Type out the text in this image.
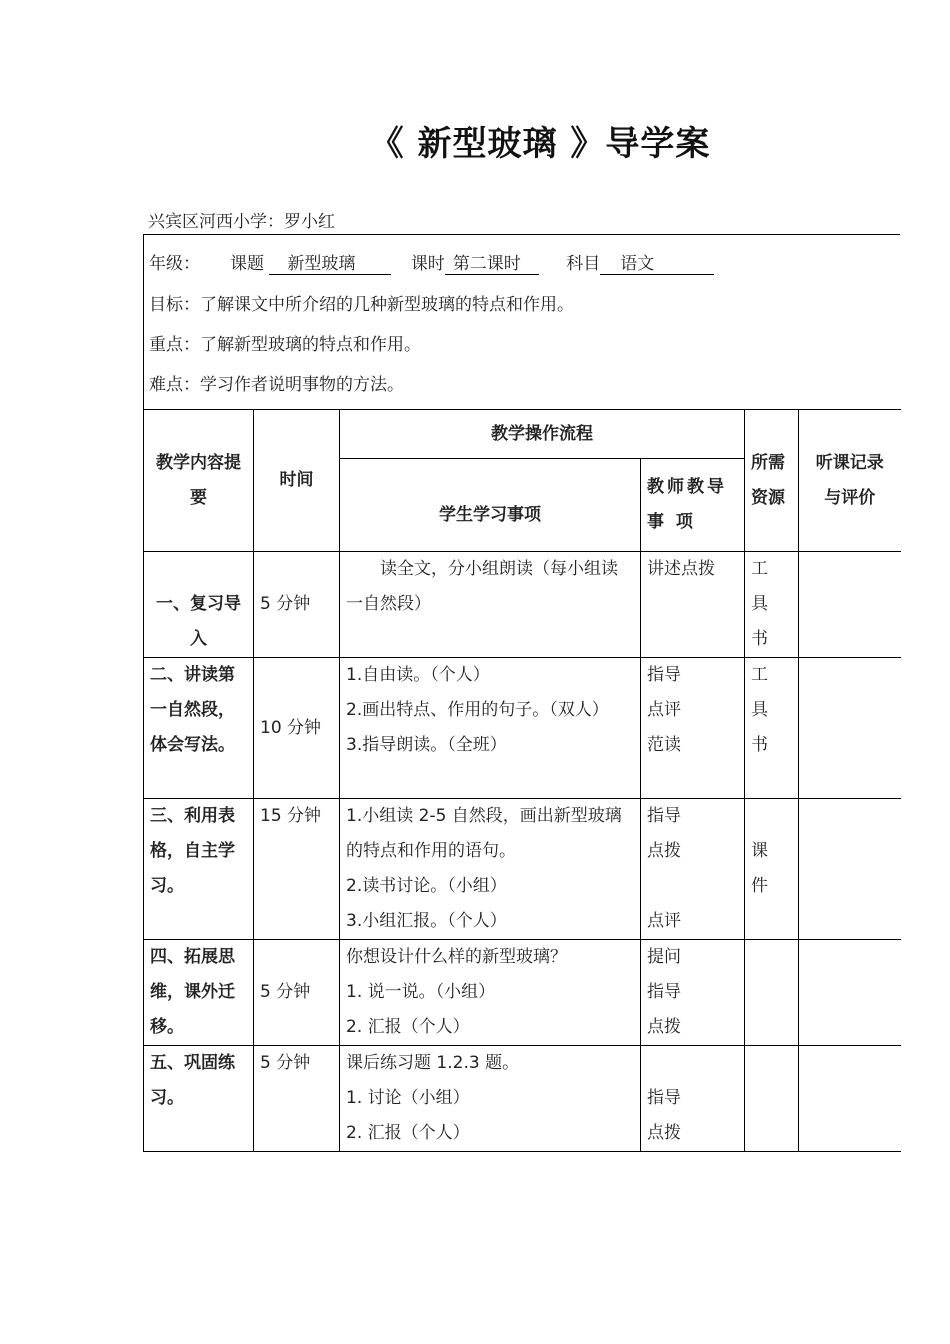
《 新型玻璃 》导学案
兴宾区河西小学：罗小红
年级： 课题 新型玻璃	课时 第二课时	科目 语文
目标：了解课文中所介绍的几种新型玻璃的特点和作用。
重点：了解新型玻璃的特点和作用。
难点：学习作者说明事物的方法。
教学内容提要	时间	教学操作流程		所需资源	听课记录与评价
		学生学习事项	教师教导事 项		
一、复习导入	5 分钟	　　读全文，分小组朗读（每小组读一自然段）	讲述点拨	工
具
书	

二、讲读第一自然段，体会写法。	10 分钟	1.自由读。（个人）
2.画出特点、作用的句子。（双人）
3.指导朗读。（全班）	指导
点评
范读	工
具
书	

三、利用表格，自主学习。	15 分钟	1.小组读 2-5 自然段，画出新型玻璃的特点和作用的语句。
2.读书讨论。（小组）
3.小组汇报。（个人）	指导
点拨

点评	课
件	

四、拓展思维，课外迁移。	5 分钟	你想设计什么样的新型玻璃？
1. 说一说。（小组）
2. 汇报（个人）	提问
指导
点拨		

五、巩固练习。	5 分钟	课后练习题 1.2.3 题。
1. 讨论（小组）
2. 汇报（个人）	指导
点拨		
